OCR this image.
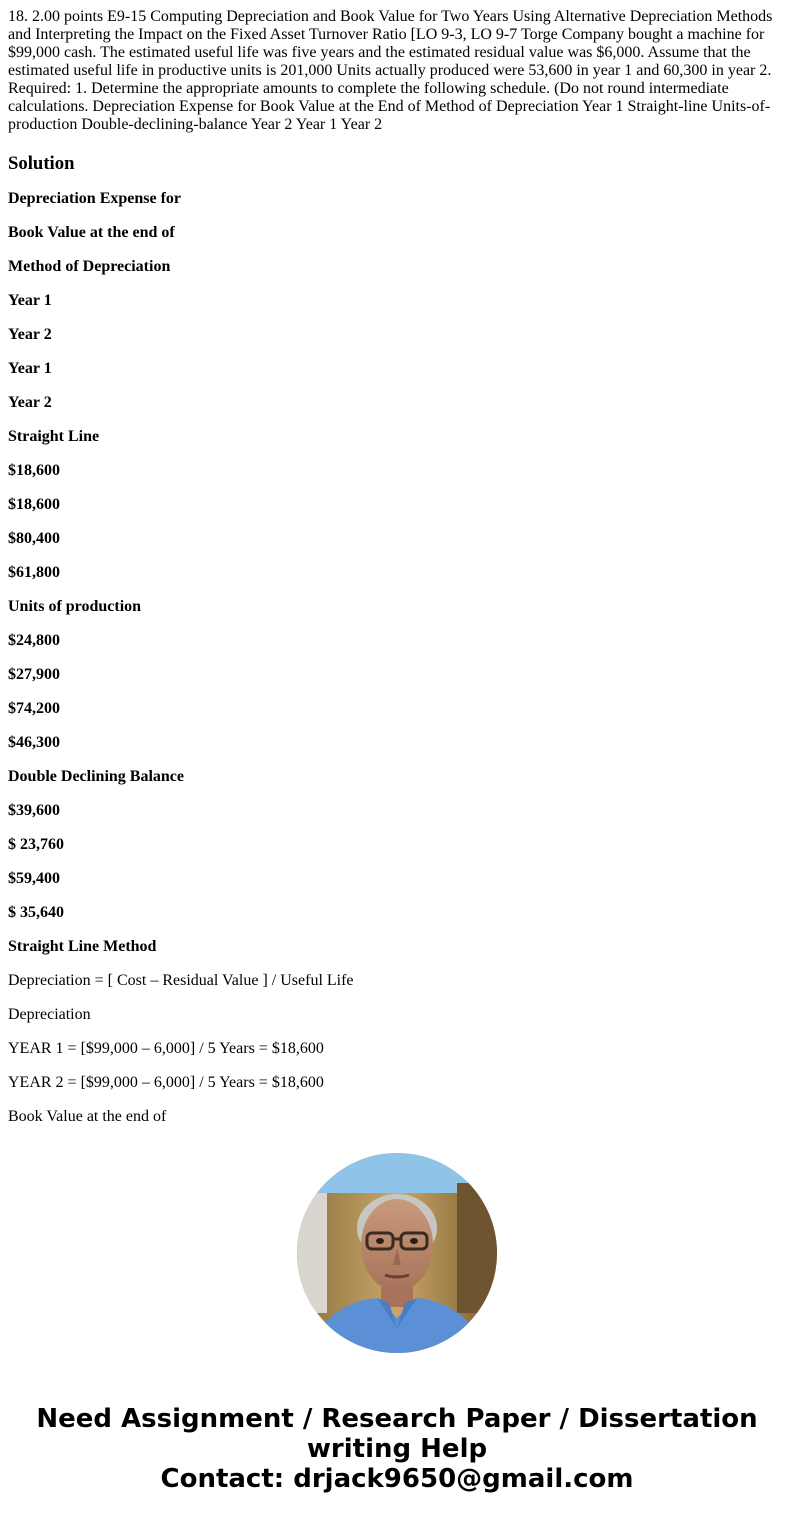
18. 2.00 points E9-15 Computing Depreciation and Book Value for Two Years Using Alternative Depreciation Methods and Interpreting the Impact on the Fixed Asset Turnover Ratio [LO 9-3, LO 9-7 Torge Company bought a machine for $99,000 cash. The estimated useful life was five years and the estimated residual value was $6,000. Assume that the estimated useful life in productive units is 201,000 Units actually produced were 53,600 in year 1 and 60,300 in year 2. Required: 1. Determine the appropriate amounts to complete the following schedule. (Do not round intermediate calculations. Depreciation Expense for Book Value at the End of Method of Depreciation Year 1 Straight-line Units-of-production Double-declining-balance Year 2 Year 1 Year 2

Solution

Depreciation Expense for

Book Value at the end of

Method of Depreciation

Year 1

Year 2

Year 1

Year 2

Straight Line

$18,600

$18,600

$80,400

$61,800

Units of production

$24,800

$27,900

$74,200

$46,300

Double Declining Balance

$39,600

$ 23,760

$59,400

$ 35,640

Straight Line Method

Depreciation = [ Cost – Residual Value ] / Useful Life

Depreciation

YEAR 1 = [$99,000 – 6,000] / 5 Years = $18,600

YEAR 2 = [$99,000 – 6,000] / 5 Years = $18,600

Book Value at the end of

Need Assignment / Research Paper / Dissertation
writing Help
Contact: drjack9650@gmail.com
